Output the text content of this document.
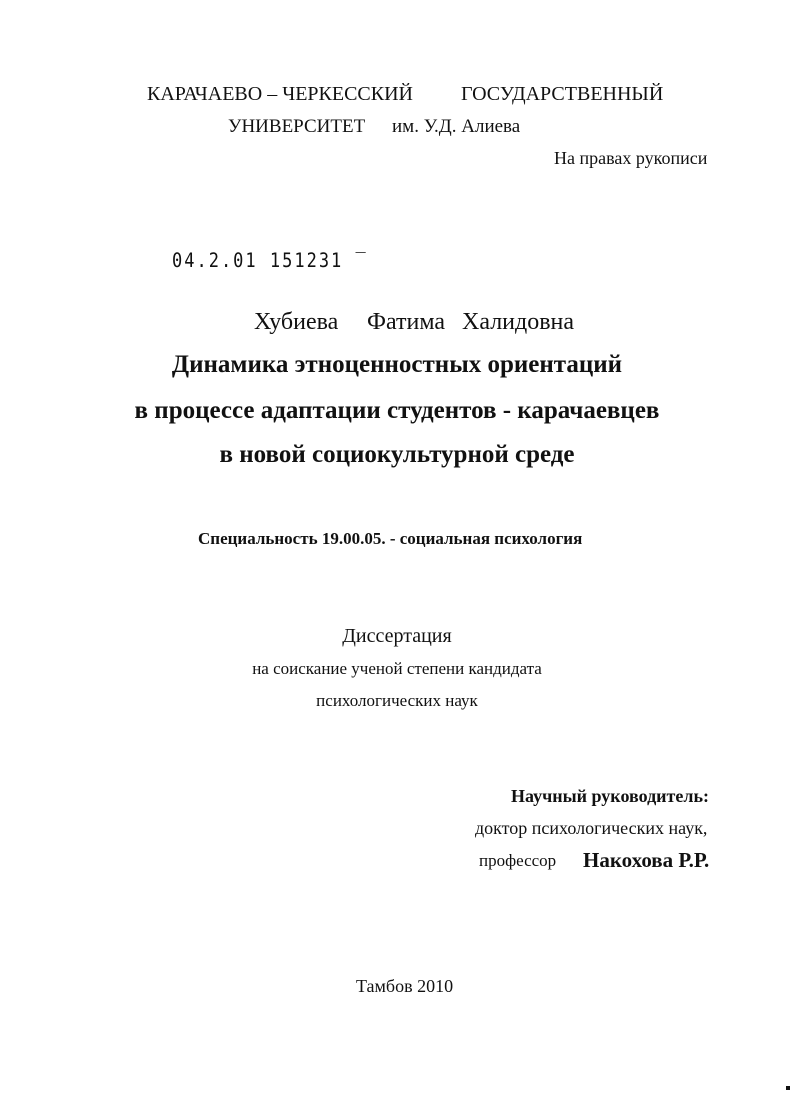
КАРАЧАЕВО – ЧЕРКЕССКИЙ ГОСУДАРСТВЕННЫЙ
УНИВЕРСИТЕТ им. У.Д. Алиева
На правах рукописи
04.2.01 151231 ‾
Хубиева Фатима Халидовна
Динамика этноценностных ориентаций
в процессе адаптации студентов - карачаевцев
в новой социокультурной среде
Специальность 19.00.05. - социальная психология
Диссертация
на соискание ученой степени кандидата
психологических наук
Научный руководитель:
доктор психологических наук,
профессор Накохова Р.Р.
Тамбов 2010
